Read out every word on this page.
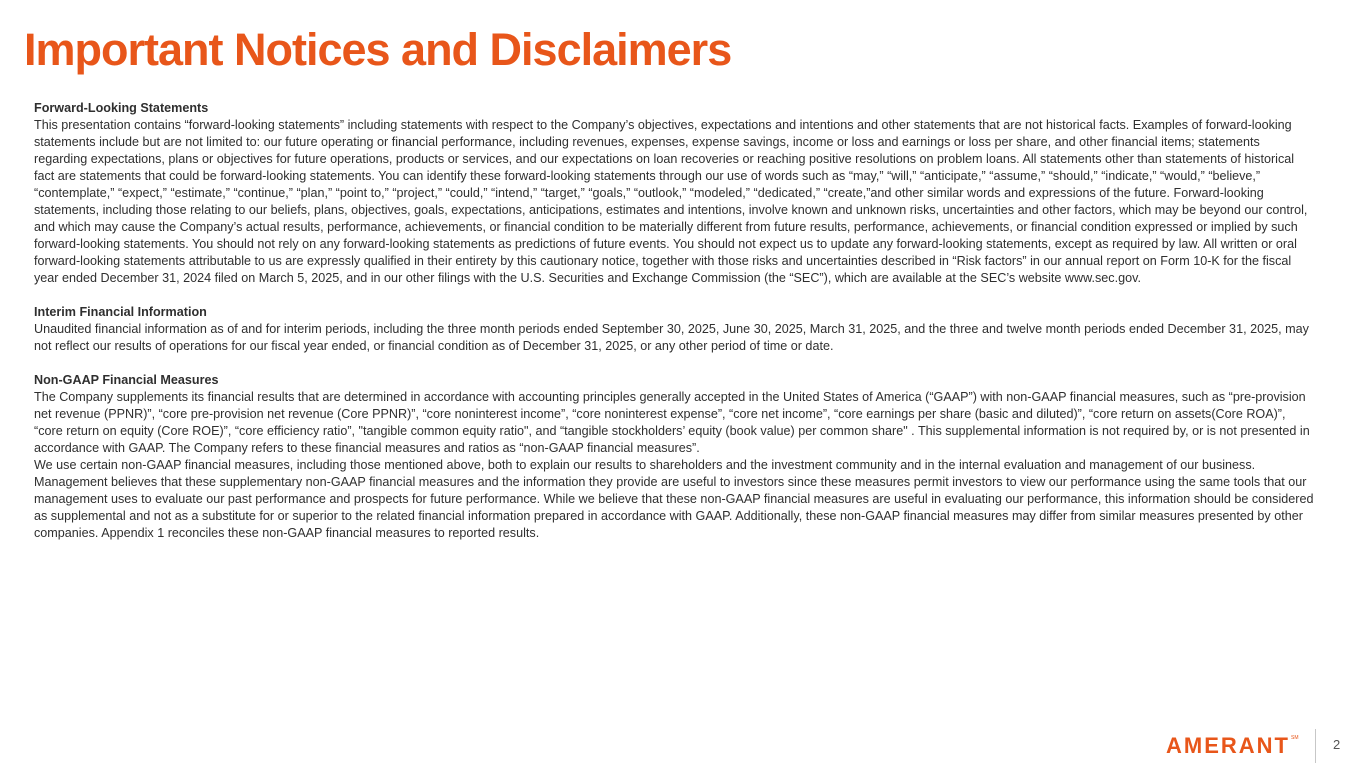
Important Notices and Disclaimers
Forward-Looking Statements
This presentation contains “forward-looking statements” including statements with respect to the Company’s objectives, expectations and intentions and other statements that are not historical facts. Examples of forward-looking statements include but are not limited to: our future operating or financial performance, including revenues, expenses, expense savings, income or loss and earnings or loss per share, and other financial items; statements regarding expectations, plans or objectives for future operations, products or services, and our expectations on loan recoveries or reaching positive resolutions on problem loans. All statements other than statements of historical fact are statements that could be forward-looking statements. You can identify these forward-looking statements through our use of words such as “may,” “will,” “anticipate,” “assume,” “should,” “indicate,” “would,” “believe,” “contemplate,” “expect,” “estimate,” “continue,” “plan,” “point to,” “project,” “could,” “intend,” “target,” “goals,” “outlook,” “modeled,” “dedicated,” “create,”and other similar words and expressions of the future. Forward-looking statements, including those relating to our beliefs, plans, objectives, goals, expectations, anticipations, estimates and intentions, involve known and unknown risks, uncertainties and other factors, which may be beyond our control, and which may cause the Company’s actual results, performance, achievements, or financial condition to be materially different from future results, performance, achievements, or financial condition expressed or implied by such forward-looking statements. You should not rely on any forward-looking statements as predictions of future events. You should not expect us to update any forward-looking statements, except as required by law. All written or oral forward-looking statements attributable to us are expressly qualified in their entirety by this cautionary notice, together with those risks and uncertainties described in “Risk factors” in our annual report on Form 10-K for the fiscal year ended December 31, 2024 filed on March 5, 2025, and in our other filings with the U.S. Securities and Exchange Commission (the “SEC”), which are available at the SEC’s website www.sec.gov.
Interim Financial Information
Unaudited financial information as of and for interim periods, including the three month periods ended September 30, 2025, June 30, 2025, March 31, 2025, and the three and twelve month periods ended December 31, 2025, may not reflect our results of operations for our fiscal year ended, or financial condition as of December 31, 2025, or any other period of time or date.
Non-GAAP Financial Measures
The Company supplements its financial results that are determined in accordance with accounting principles generally accepted in the United States of America (“GAAP”) with non-GAAP financial measures, such as “pre-provision net revenue (PPNR)”, “core pre-provision net revenue (Core PPNR)”, “core noninterest income”, “core noninterest expense”, “core net income”, “core earnings per share (basic and diluted)”, “core return on assets(Core ROA)”, “core return on equity (Core ROE)”, “core efficiency ratio”, "tangible common equity ratio", and “tangible stockholders’ equity (book value) per common share" . This supplemental information is not required by, or is not presented in accordance with GAAP. The Company refers to these financial measures and ratios as “non-GAAP financial measures”.
We use certain non-GAAP financial measures, including those mentioned above, both to explain our results to shareholders and the investment community and in the internal evaluation and management of our business. Management believes that these supplementary non-GAAP financial measures and the information they provide are useful to investors since these measures permit investors to view our performance using the same tools that our management uses to evaluate our past performance and prospects for future performance. While we believe that these non-GAAP financial measures are useful in evaluating our performance, this information should be considered as supplemental and not as a substitute for or superior to the related financial information prepared in accordance with GAAP. Additionally, these non-GAAP financial measures may differ from similar measures presented by other companies. Appendix 1 reconciles these non-GAAP financial measures to reported results.
AMERANT SM	2
